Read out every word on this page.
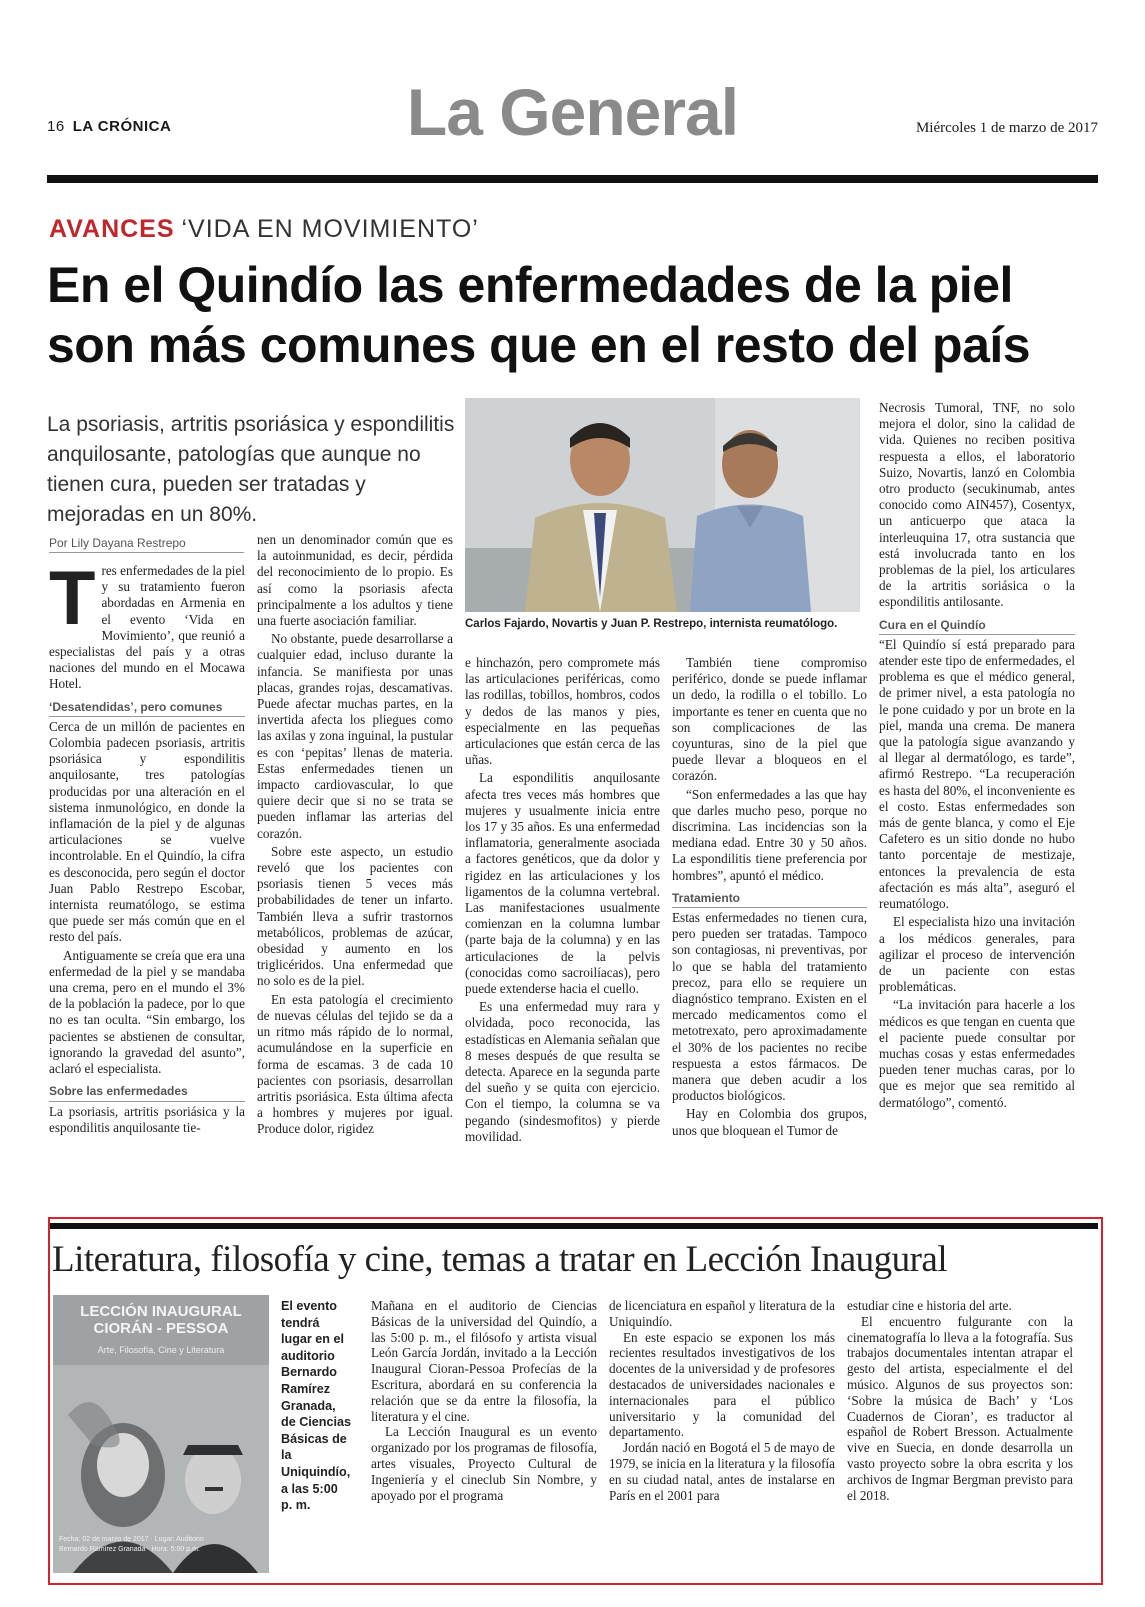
16 LA CRÓNICA	La General	Miércoles 1 de marzo de 2017
AVANCES ‘VIDA EN MOVIMIENTO’
En el Quindío las enfermedades de la piel son más comunes que en el resto del país
La psoriasis, artritis psoriásica y espondilitis anquilosante, patologías que aunque no tienen cura, pueden ser tratadas y mejoradas en un 80%.
Por Lily Dayana Restrepo

Tres enfermedades de la piel y su tratamiento fueron abordadas en Armenia en el evento ‘Vida en Movimiento’, que reunió a especialistas del país y a otras naciones del mundo en el Mocawa Hotel.

‘Desatendidas’, pero comunes

Cerca de un millón de pacientes en Colombia padecen psoriasis, artritis psoriásica y espondilitis anquilosante, tres patologías producidas por una alteración en el sistema inmunológico, en donde la inflamación de la piel y de algunas articulaciones se vuelve incontrolable. En el Quindío, la cifra es desconocida, pero según el doctor Juan Pablo Restrepo Escobar, internista reumatólogo, se estima que puede ser más común que en el resto del país.

Antiguamente se creía que era una enfermedad de la piel y se mandaba una crema, pero en el mundo el 3% de la población la padece, por lo que no es tan oculta. “Sin embargo, los pacientes se abstienen de consultar, ignorando la gravedad del asunto”, aclaró el especialista.

Sobre las enfermedades

La psoriasis, artritis psoriásica y la espondilitis anquilosante tie-

nen un denominador común que es la autoinmunidad, es decir, pérdida del reconocimiento de lo propio. Es así como la psoriasis afecta principalmente a los adultos y tiene una fuerte asociación familiar.

No obstante, puede desarrollarse a cualquier edad, incluso durante la infancia. Se manifiesta por unas placas, grandes rojas, descamativas. Puede afectar muchas partes, en la invertida afecta los pliegues como las axilas y zona inguinal, la pustular es con ‘pepitas’ llenas de materia. Estas enfermedades tienen un impacto cardiovascular, lo que quiere decir que si no se trata se pueden inflamar las arterias del corazón.

Sobre este aspecto, un estudio reveló que los pacientes con psoriasis tienen 5 veces más probabilidades de tener un infarto. También lleva a sufrir trastornos metabólicos, problemas de azúcar, obesidad y aumento en los triglicéridos. Una enfermedad que no solo es de la piel.

En esta patología el crecimiento de nuevas células del tejido se da a un ritmo más rápido de lo normal, acumulándose en la superficie en forma de escamas. 3 de cada 10 pacientes con psoriasis, desarrollan artritis psoriásica. Esta última afecta a hombres y mujeres por igual. Produce dolor, rigidez

Carlos Fajardo, Novartis y Juan P. Restrepo, internista reumatólogo.

e hinchazón, pero compromete más las articulaciones periféricas, como las rodillas, tobillos, hombros, codos y dedos de las manos y pies, especialmente en las pequeñas articulaciones que están cerca de las uñas.

La espondilitis anquilosante afecta tres veces más hombres que mujeres y usualmente inicia entre los 17 y 35 años. Es una enfermedad inflamatoria, generalmente asociada a factores genéticos, que da dolor y rigidez en las articulaciones y los ligamentos de la columna vertebral. Las manifestaciones usualmente comienzan en la columna lumbar (parte baja de la columna) y en las articulaciones de la pelvis (conocidas como sacroilíacas), pero puede extenderse hacia el cuello.

Es una enfermedad muy rara y olvidada, poco reconocida, las estadísticas en Alemania señalan que 8 meses después de que resulta se detecta. Aparece en la segunda parte del sueño y se quita con ejercicio. Con el tiempo, la columna se va pegando (sindesmofitos) y pierde movilidad.

También tiene compromiso periférico, donde se puede inflamar un dedo, la rodilla o el tobillo. Lo importante es tener en cuenta que no son complicaciones de las coyunturas, sino de la piel que puede llevar a bloqueos en el corazón.

“Son enfermedades a las que hay que darles mucho peso, porque no discrimina. Las incidencias son la mediana edad. Entre 30 y 50 años. La espondilitis tiene preferencia por hombres”, apuntó el médico.

Tratamiento

Estas enfermedades no tienen cura, pero pueden ser tratadas. Tampoco son contagiosas, ni preventivas, por lo que se habla del tratamiento precoz, para ello se requiere un diagnóstico temprano. Existen en el mercado medicamentos como el metotrexato, pero aproximadamente el 30% de los pacientes no recibe respuesta a estos fármacos. De manera que deben acudir a los productos biológicos.

Hay en Colombia dos grupos, unos que bloquean el Tumor de

Necrosis Tumoral, TNF, no solo mejora el dolor, sino la calidad de vida. Quienes no reciben positiva respuesta a ellos, el laboratorio Suizo, Novartis, lanzó en Colombia otro producto (secukinumab, antes conocido como AIN457), Cosentyx, un anticuerpo que ataca la interleuquina 17, otra sustancia que está involucrada tanto en los problemas de la piel, los articulares de la artritis soriásica o la espondilitis antilosante.

Cura en el Quindío

“El Quindío sí está preparado para atender este tipo de enfermedades, el problema es que el médico general, de primer nivel, a esta patología no le pone cuidado y por un brote en la piel, manda una crema. De manera que la patología sigue avanzando y al llegar al dermatólogo, es tarde”, afirmó Restrepo. “La recuperación es hasta del 80%, el inconveniente es el costo. Estas enfermedades son más de gente blanca, y como el Eje Cafetero es un sitio donde no hubo tanto porcentaje de mestizaje, entonces la prevalencia de esta afectación es más alta”, aseguró el reumatólogo.

El especialista hizo una invitación a los médicos generales, para agilizar el proceso de intervención de un paciente con estas problemáticas.

“La invitación para hacerle a los médicos es que tengan en cuenta que el paciente puede consultar por muchas cosas y estas enfermedades pueden tener muchas caras, por lo que es mejor que sea remitido al dermatólogo”, comentó.

Literatura, filosofía y cine, temas a tratar en Lección Inaugural
LECCIÓN INAUGURAL
CIORÁN - PESSOA
Arte, Filosofía, Cine y Literatura
Fecha: 02 de marzo de 2017 · Lugar: Auditorio Bernardo Ramírez Granada · Hora: 5:00 p.m.
El evento tendrá lugar en el auditorio Bernardo Ramírez Granada, de Ciencias Básicas de la Uniquindío, a las 5:00 p. m.

Mañana en el auditorio de Ciencias Básicas de la universidad del Quindío, a las 5:00 p. m., el filósofo y artista visual León García Jordán, invitado a la Lección Inaugural Cioran-Pessoa Profecías de la Escritura, abordará en su conferencia la relación que se da entre la filosofía, la literatura y el cine.

La Lección Inaugural es un evento organizado por los programas de filosofía, artes visuales, Proyecto Cultural de Ingeniería y el cineclub Sin Nombre, y apoyado por el programa

de licenciatura en español y literatura de la Uniquindío.

En este espacio se exponen los más recientes resultados investigativos de los docentes de la universidad y de profesores destacados de universidades nacionales e internacionales para el público universitario y la comunidad del departamento.

Jordán nació en Bogotá el 5 de mayo de 1979, se inicia en la literatura y la filosofía en su ciudad natal, antes de instalarse en París en el 2001 para

estudiar cine e historia del arte.

El encuentro fulgurante con la cinematografía lo lleva a la fotografía. Sus trabajos documentales intentan atrapar el gesto del artista, especialmente el del músico. Algunos de sus proyectos son: ‘Sobre la música de Bach’ y ‘Los Cuadernos de Cioran’, es traductor al español de Robert Bresson. Actualmente vive en Suecia, en donde desarrolla un vasto proyecto sobre la obra escrita y los archivos de Ingmar Bergman previsto para el 2018.
